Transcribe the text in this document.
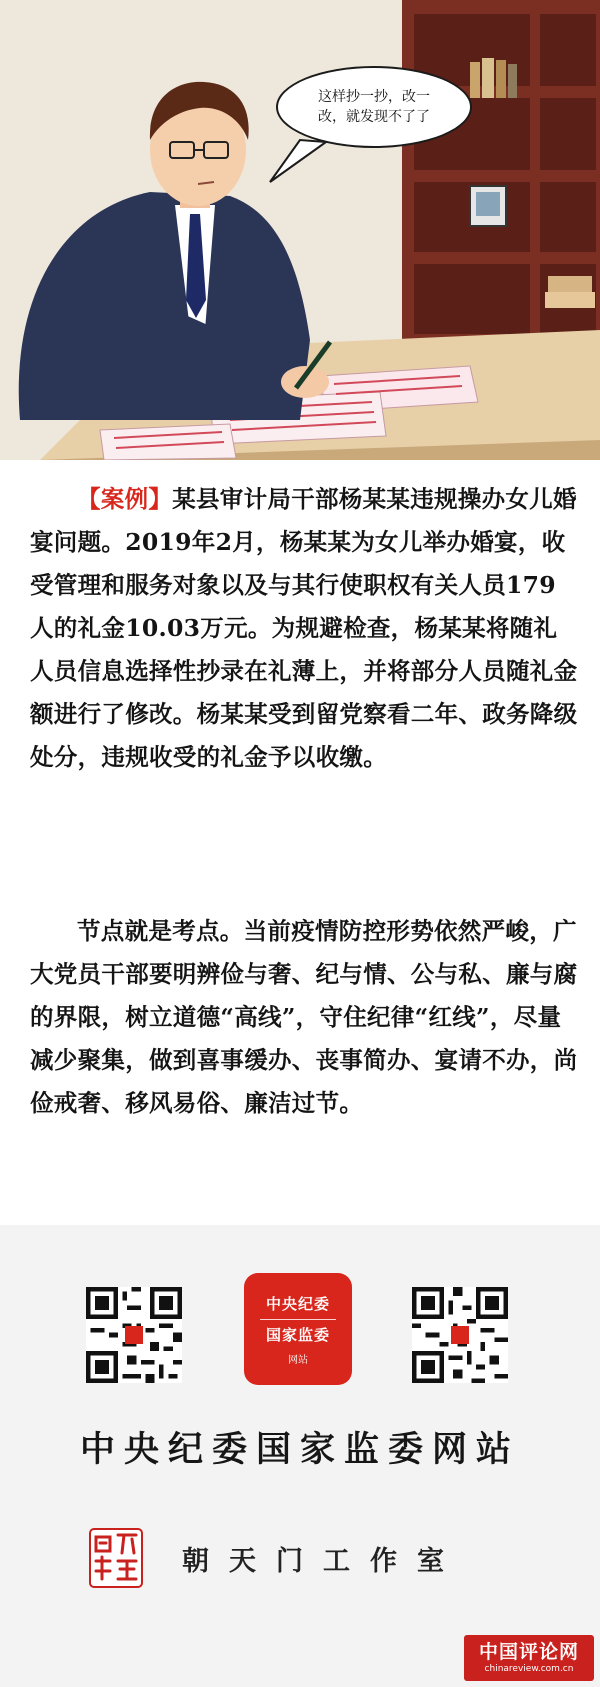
这样抄一抄，改一
改，就发现不了了

【案例】某县审计局干部杨某某违规操办女儿婚宴问题。2019年2月，杨某某为女儿举办婚宴，收受管理和服务对象以及与其行使职权有关人员179人的礼金10.03万元。为规避检查，杨某某将随礼人员信息选择性抄录在礼薄上，并将部分人员随礼金额进行了修改。杨某某受到留党察看二年、政务降级处分，违规收受的礼金予以收缴。

节点就是考点。当前疫情防控形势依然严峻，广大党员干部要明辨俭与奢、纪与情、公与私、廉与腐的界限，树立道德“高线”，守住纪律“红线”，尽量减少聚集，做到喜事缓办、丧事简办、宴请不办，尚俭戒奢、移风易俗、廉洁过节。

中央纪委
国家监委
网站
中央纪委国家监委网站
朝天门工作室
中国评论网
chinareview.com.cn
